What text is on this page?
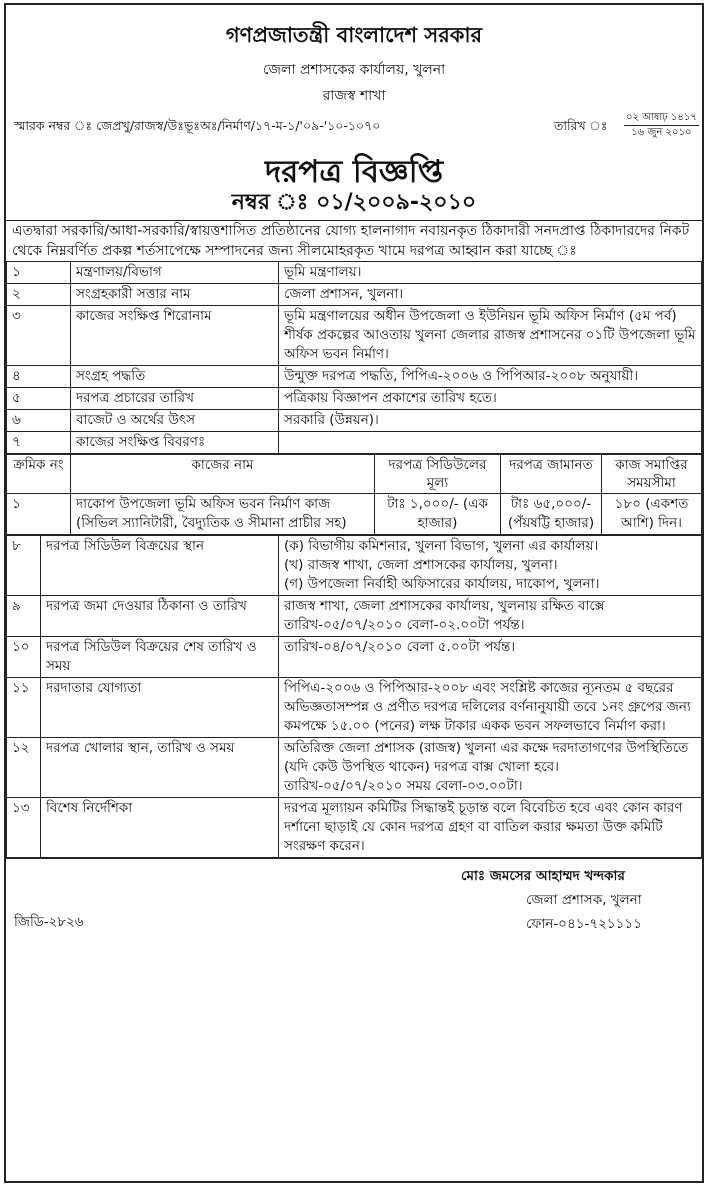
গণপ্রজাতন্ত্রী বাংলাদেশ সরকার
জেলা প্রশাসকের কার্যালয়, খুলনা
রাজস্ব শাখা
স্মারক নম্বর ঃ জেপ্রখু/রাজস্ব/উঃভূঃঅঃ/নির্মাণ/১৭-ম-১/'০৯-'১০-১০৭০	তারিখ ঃ
০২ আষাঢ় ১৪১৭
১৬ জুন ২০১০
দরপত্র বিজ্ঞপ্তি
নম্বর ঃ ০১/২০০৯-২০১০
এতদ্বারা সরকারি/আধা-সরকারি/স্বায়ত্তশাসিত প্রতিষ্ঠানের যোগ্য হালনাগাদ নবায়নকৃত ঠিকাদারী সনদপ্রাপ্ত ঠিকাদারদের নিকট থেকে নিম্নবর্ণিত প্রকল্প শর্তসাপেক্ষে সম্পাদনের জন্য সীলমোহরকৃত খামে দরপত্র আহ্বান করা যাচ্ছে ঃ
১	মন্ত্রণালয়/বিভাগ	ভূমি মন্ত্রণালয়।
২	সংগ্রহকারী সত্তার নাম	জেলা প্রশাসন, খুলনা।
৩	কাজের সংক্ষিপ্ত শিরোনাম	ভূমি মন্ত্রণালয়ের অধীন উপজেলা ও ইউনিয়ন ভূমি অফিস নির্মাণ (৫ম পর্ব) শীর্ষক প্রকল্পের আওতায় খুলনা জেলার রাজস্ব প্রশাসনের ০১টি উপজেলা ভূমি অফিস ভবন নির্মাণ।
৪	সংগ্রহ পদ্ধতি	উন্মুক্ত দরপত্র পদ্ধতি, পিপিএ-২০০৬ ও পিপিআর-২০০৮ অনুযায়ী।
৫	দরপত্র প্রচারের তারিখ	পত্রিকায় বিজ্ঞাপন প্রকাশের তারিখ হতে।
৬	বাজেট ও অর্থের উৎস	সরকারি (উন্নয়ন)।
৭	কাজের সংক্ষিপ্ত বিবরণঃ	
ক্রমিক নং	কাজের নাম	দরপত্র সিডিউলের মূল্য	দরপত্র জামানত	কাজ সমাপ্তির সময়সীমা
১	দাকোপ উপজেলা ভূমি অফিস ভবন নির্মাণ কাজ (সিভিল স্যানিটারী, বৈদ্যুতিক ও সীমানা প্রাচীর সহ)	টাঃ ১,০০০/- (এক হাজার)	টাঃ ৬৫,০০০/- (পঁয়ষট্টি হাজার)	১৮০ (একশত আশি) দিন।
৮	দরপত্র সিডিউল বিক্রয়ের স্থান	(ক) বিভাগীয় কমিশনার, খুলনা বিভাগ, খুলনা এর কার্যালয়।
(খ) রাজস্ব শাখা, জেলা প্রশাসকের কার্যালয়, খুলনা।
(গ) উপজেলা নির্বাহী অফিসারের কার্যালয়, দাকোপ, খুলনা।

৯	দরপত্র জমা দেওয়ার ঠিকানা ও তারিখ	রাজস্ব শাখা, জেলা প্রশাসকের কার্যালয়, খুলনায় রক্ষিত বাক্সে
তারিখ-০৫/০৭/২০১০ বেলা-০২.০০টা পর্যন্ত।

১০	দরপত্র সিডিউল বিক্রয়ের শেষ তারিখ ও সময়	তারিখ-০৪/০৭/২০১০ বেলা ৫.০০টা পর্যন্ত।

১১	দরদাতার যোগ্যতা	পিপিএ-২০০৬ ও পিপিআর-২০০৮ এবং সংশ্লিষ্ট কাজের ন্যূনতম ৫ বছরের অভিজ্ঞতাসম্পন্ন ও প্রণীত দরপত্র দলিলের বর্ণনানুযায়ী তবে ১নং গ্রুপের জন্য কমপক্ষে ১৫.০০ (পনের) লক্ষ টাকার একক ভবন সফলভাবে নির্মাণ করা।

১২	দরপত্র খোলার স্থান, তারিখ ও সময়	অতিরিক্ত জেলা প্রশাসক (রাজস্ব) খুলনা এর কক্ষে দরদাতাগণের উপস্থিতিতে (যদি কেউ উপস্থিত থাকেন) দরপত্র বাক্স খোলা হবে।
তারিখ-০৫/০৭/২০১০ সময় বেলা-০৩.০০টা।

১৩	বিশেষ নির্দেশিকা	দরপত্র মূল্যায়ন কমিটির সিদ্ধান্তই চূড়ান্ত বলে বিবেচিত হবে এবং কোন কারণ দর্শানো ছাড়াই যে কোন দরপত্র গ্রহণ বা বাতিল করার ক্ষমতা উক্ত কমিটি সংরক্ষণ করেন।
জিডি-২৮২৬
মোঃ জমসের আহাম্মদ খন্দকার
জেলা প্রশাসক, খুলনা
ফোন-০৪১-৭২১১১১
